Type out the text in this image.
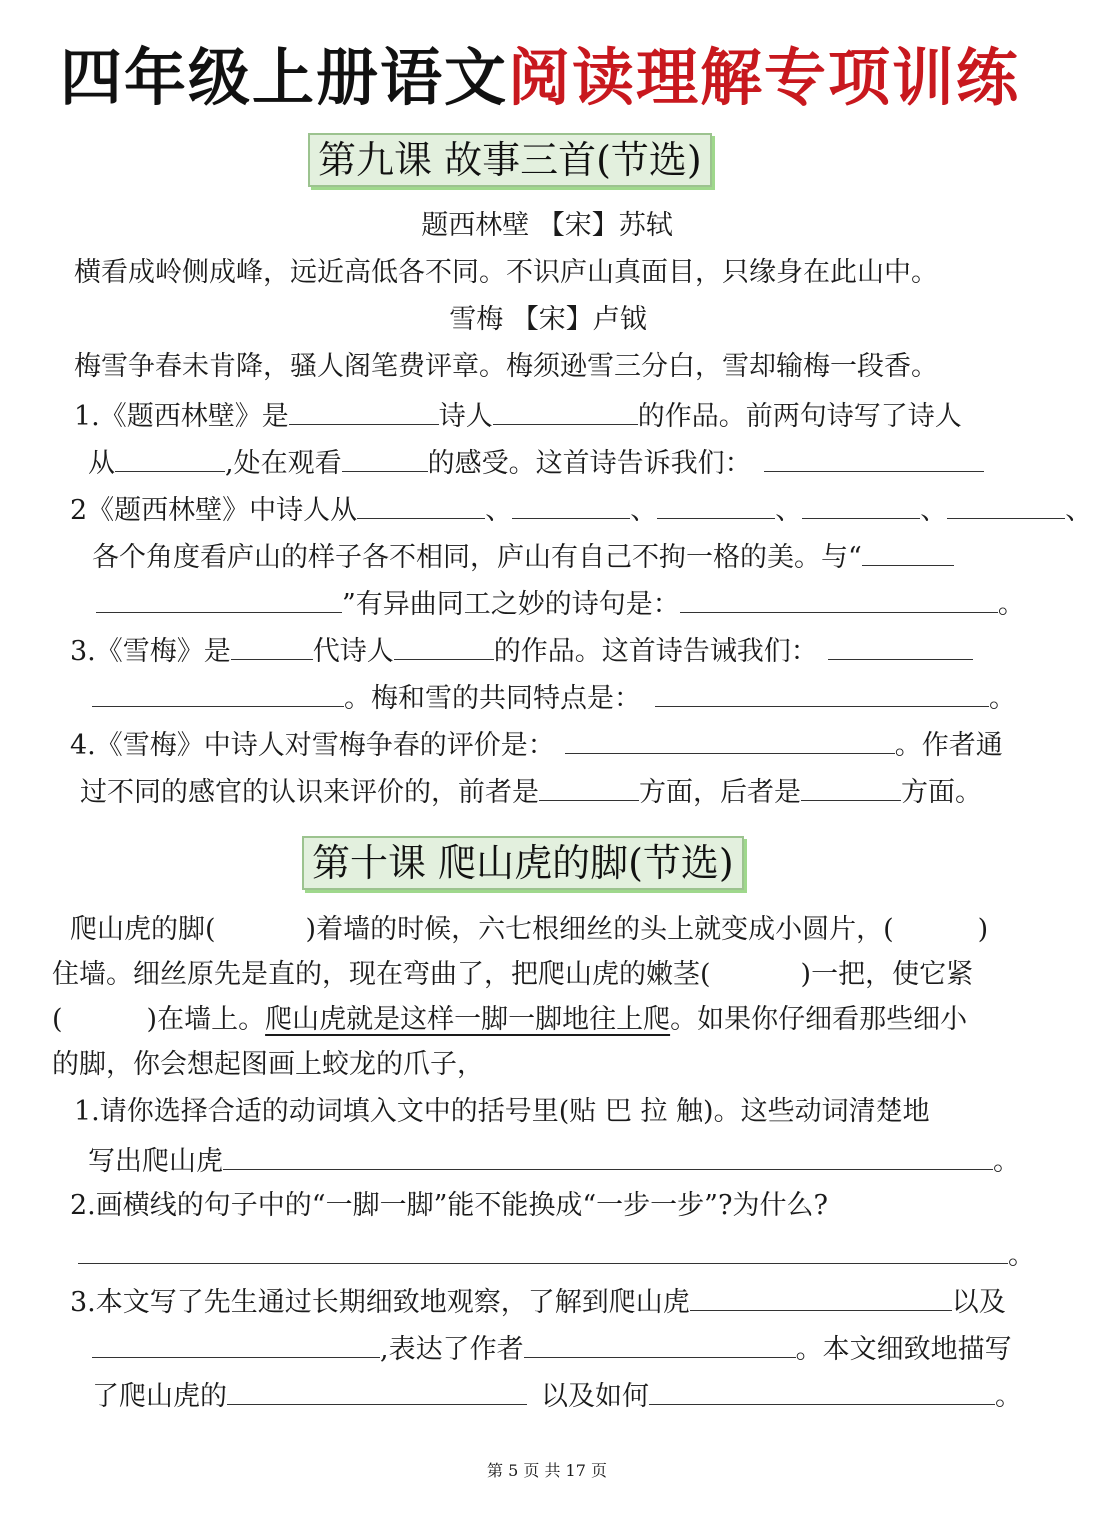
四年级上册语文阅读理解专项训练
第九课 故事三首(节选)
题西林壁 【宋】苏轼
横看成岭侧成峰，远近高低各不同。不识庐山真面目，只缘身在此山中。
雪梅 【宋】卢钺
梅雪争春未肯降，骚人阁笔费评章。梅须逊雪三分白，雪却输梅一段香。
1.《题西林壁》是	诗人	的作品。前两句诗写了诗人
从	,处在观看	的感受。这首诗告诉我们：
2《题西林壁》中诗人从	、	、	、	、	、
各个角度看庐山的样子各不相同，庐山有自己不拘一格的美。与“
”有异曲同工之妙的诗句是：	。
3.《雪梅》是	代诗人	的作品。这首诗告诫我们：
。梅和雪的共同特点是：	。
4.《雪梅》中诗人对雪梅争春的评价是：	。作者通
过不同的感官的认识来评价的，前者是	方面，后者是	方面。
第十课 爬山虎的脚(节选)
爬山虎的脚(	)着墙的时候，六七根细丝的头上就变成小圆片，(	)
住墙。细丝原先是直的，现在弯曲了，把爬山虎的嫩茎(	)一把，使它紧
(	)在墙上。爬山虎就是这样一脚一脚地往上爬。如果你仔细看那些细小
的脚，你会想起图画上蛟龙的爪子，
1.请你选择合适的动词填入文中的括号里(贴 巴 拉 触)。这些动词清楚地
写出爬山虎	。
2.画横线的句子中的“一脚一脚”能不能换成“一步一步”?为什么?
。
3.本文写了先生通过长期细致地观察，了解到爬山虎	以及
,表达了作者	。本文细致地描写
了爬山虎的	以及如何	。
第 5 页 共 17 页
